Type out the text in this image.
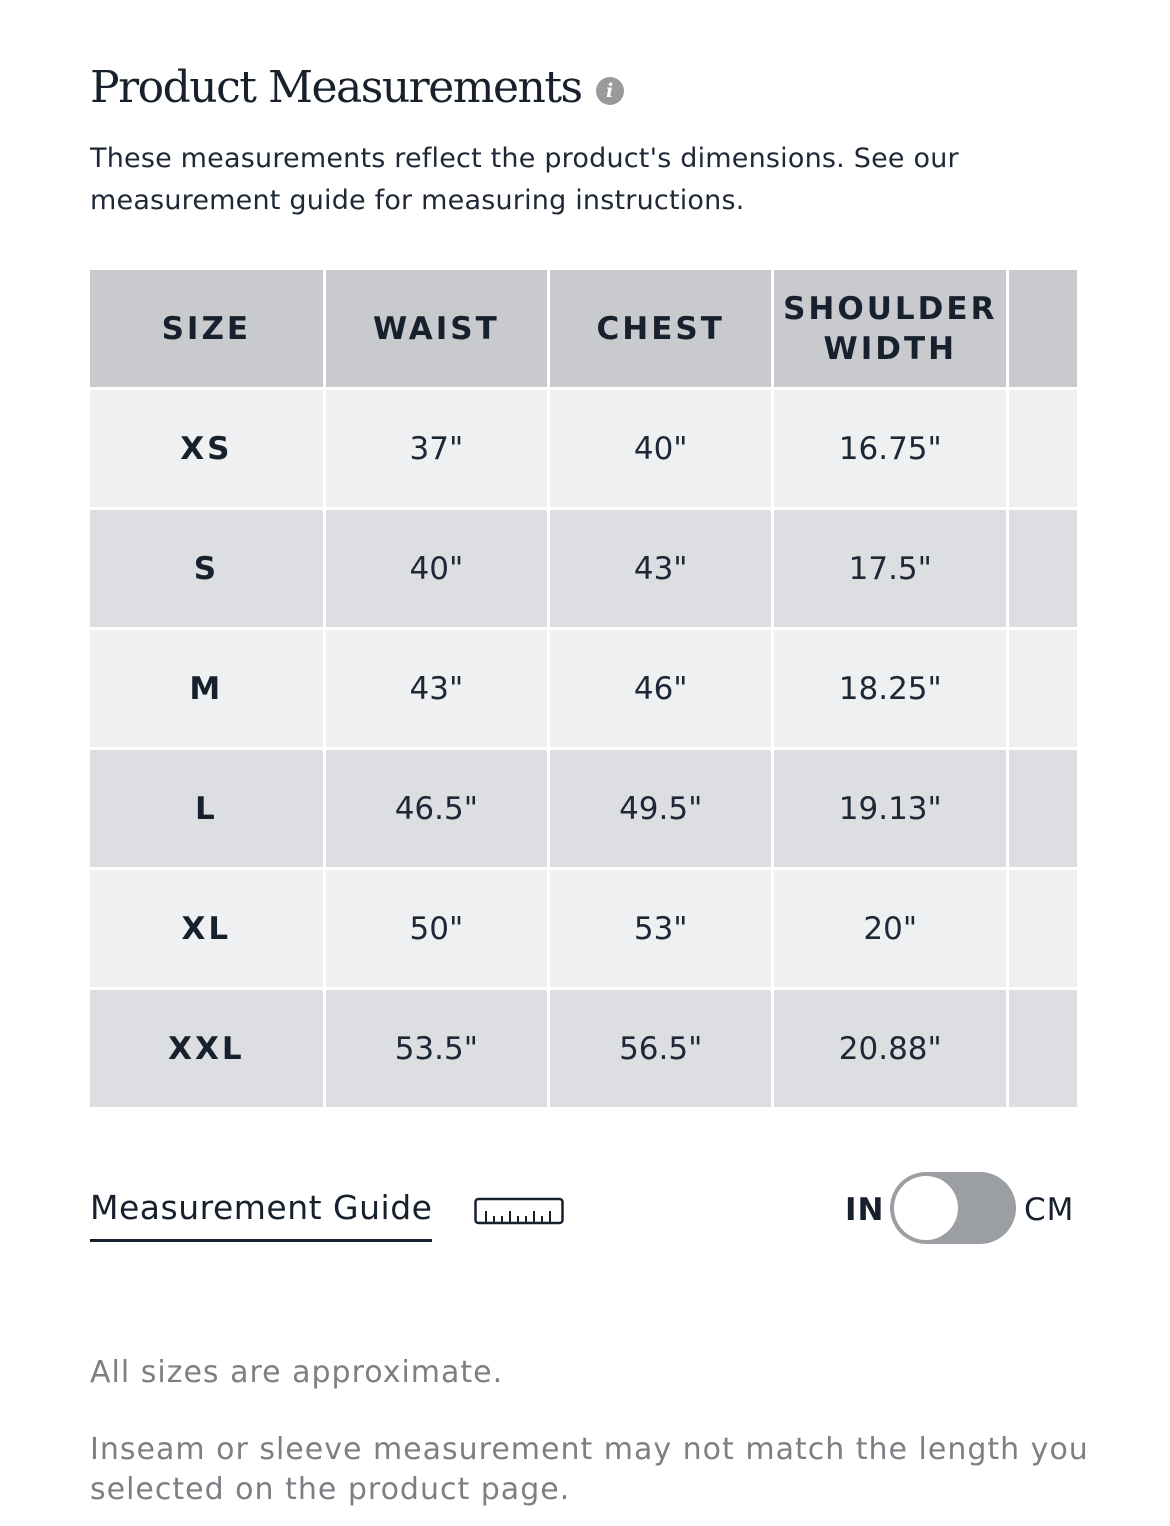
Product Measurements	i

These measurements reflect the product's dimensions. See our measurement guide for measuring instructions.

SIZE	WAIST	CHEST	SHOULDER WIDTH	
XS	37"	40"	16.75"	
S	40"	43"	17.5"	
M	43"	46"	18.25"	
L	46.5"	49.5"	19.13"	
XL	50"	53"	20"	
XXL	53.5"	56.5"	20.88"	
Measurement Guide	IN	CM

All sizes are approximate.

Inseam or sleeve measurement may not match the length you selected on the product page.
